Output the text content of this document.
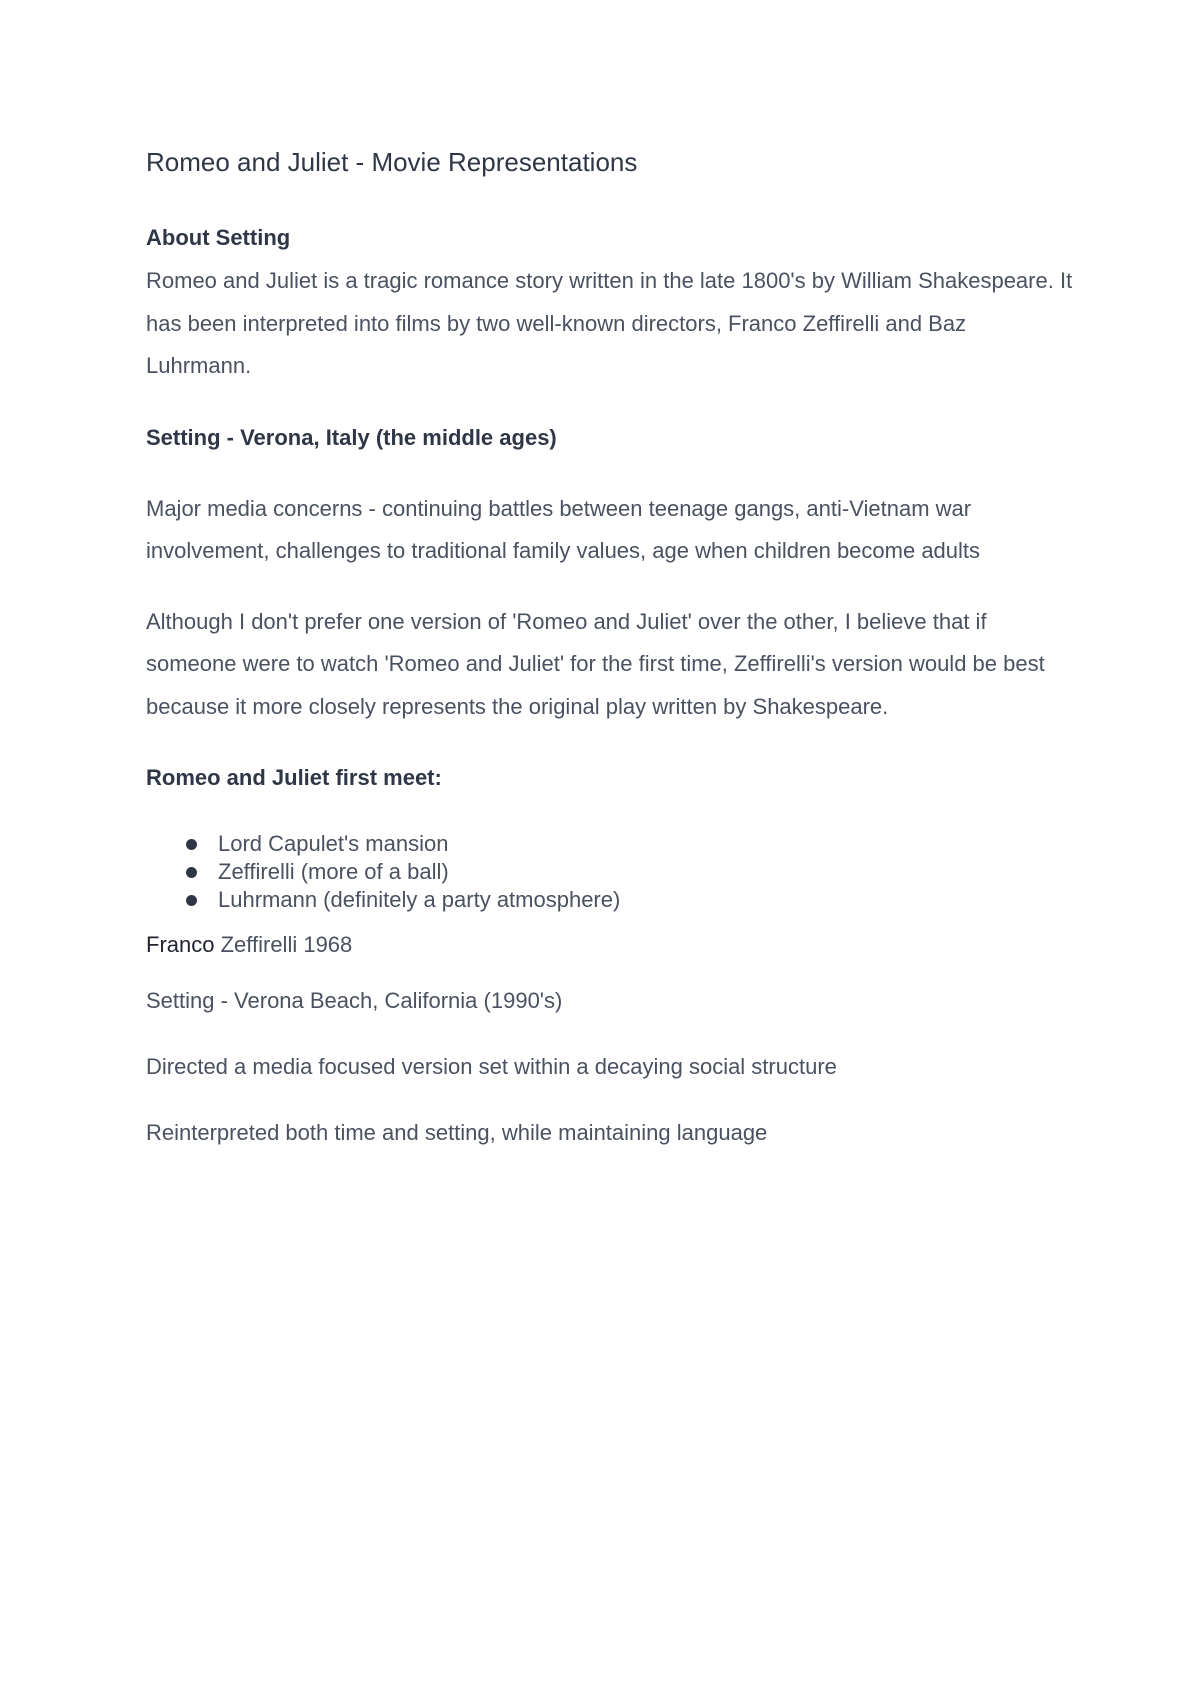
Romeo and Juliet - Movie Representations

About Setting

Romeo and Juliet is a tragic romance story written in the late 1800's by William Shakespeare. It has been interpreted into films by two well-known directors, Franco Zeffirelli and Baz Luhrmann.

Setting - Verona, Italy (the middle ages)

Major media concerns - continuing battles between teenage gangs, anti-Vietnam war involvement, challenges to traditional family values, age when children become adults

Although I don't prefer one version of 'Romeo and Juliet' over the other, I believe that if someone were to watch 'Romeo and Juliet' for the first time, Zeffirelli's version would be best because it more closely represents the original play written by Shakespeare.

Romeo and Juliet first meet:

Lord Capulet's mansion
Zeffirelli (more of a ball)
Luhrmann (definitely a party atmosphere)

Franco Zeffirelli 1968

Setting - Verona Beach, California (1990's)

Directed a media focused version set within a decaying social structure

Reinterpreted both time and setting, while maintaining language
